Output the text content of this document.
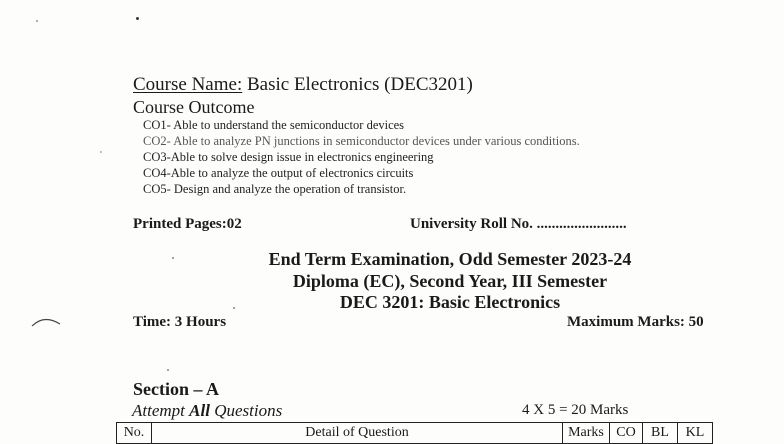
Course Name: Basic Electronics (DEC3201)
Course Outcome
CO1- Able to understand the semiconductor devices
CO2- Able to analyze PN junctions in semiconductor devices under various conditions.
CO3-Able to solve design issue in electronics engineering
CO4-Able to analyze the output of electronics circuits
CO5- Design and analyze the operation of transistor.
Printed Pages:02	University Roll No. ........................
End Term Examination, Odd Semester 2023-24
Diploma (EC), Second Year, III Semester
DEC 3201: Basic Electronics
Time: 3 Hours	Maximum Marks: 50
Section – A
Attempt All Questions	4 X 5 = 20 Marks
No.	Detail of Question	Marks	CO	BL	KL
